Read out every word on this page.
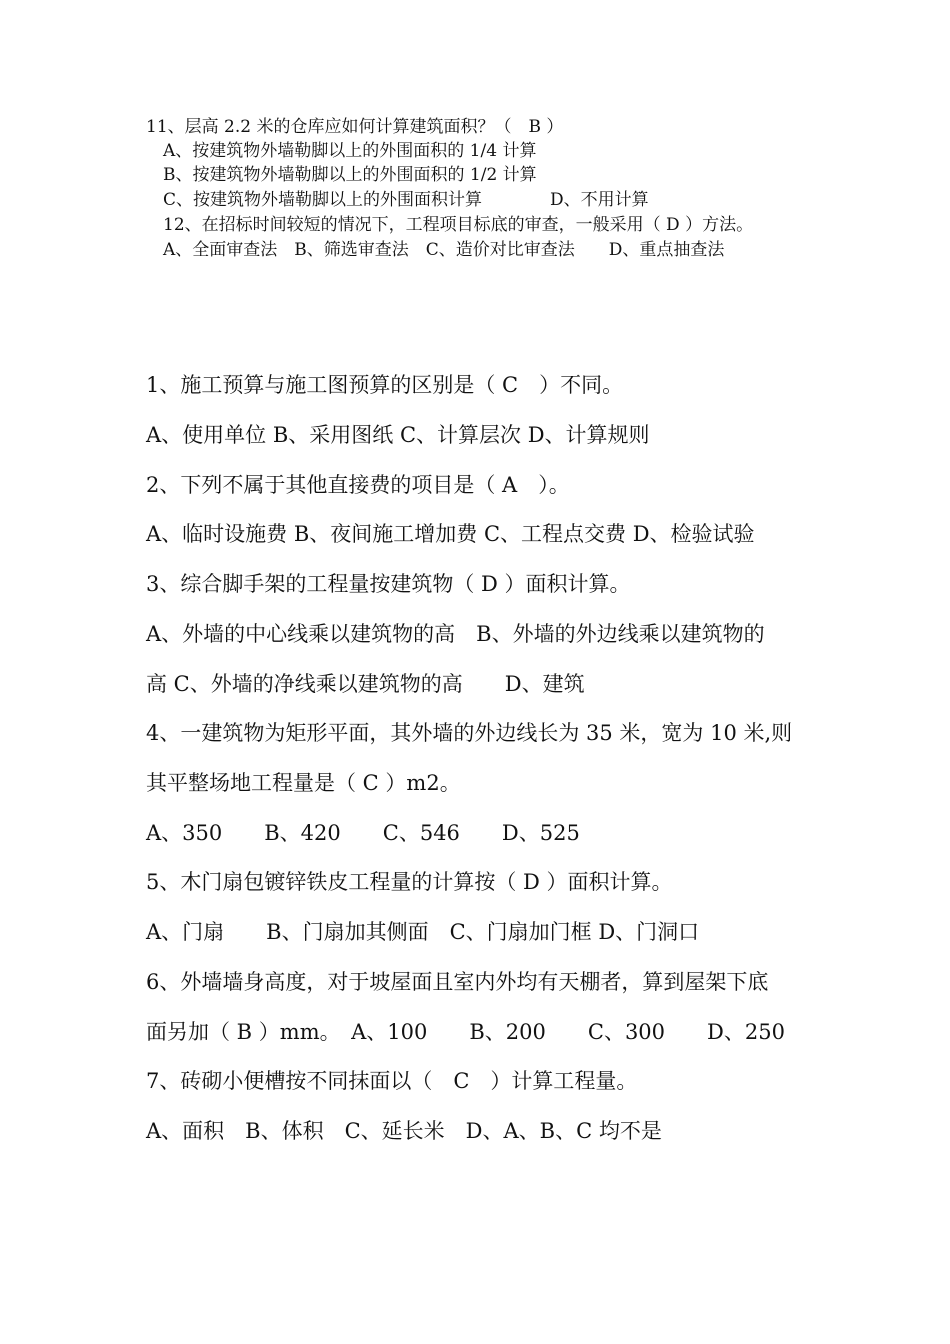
11、层高 2.2 米的仓库应如何计算建筑面积？（　B ）
A、按建筑物外墙勒脚以上的外围面积的 1/4 计算
B、按建筑物外墙勒脚以上的外围面积的 1/2 计算
C、按建筑物外墙勒脚以上的外围面积计算　　　　D、不用计算
12、在招标时间较短的情况下，工程项目标底的审查，一般采用（ D ）方法。
A、全面审查法　B、筛选审查法　C、造价对比审查法　　D、重点抽查法
1、施工预算与施工图预算的区别是（ C　）不同。
A、使用单位 B、采用图纸 C、计算层次 D、计算规则
2、下列不属于其他直接费的项目是（ A　）。
A、临时设施费 B、夜间施工增加费 C、工程点交费 D、检验试验
3、综合脚手架的工程量按建筑物（ D ）面积计算。
A、外墙的中心线乘以建筑物的高　B、外墙的外边线乘以建筑物的
高 C、外墙的净线乘以建筑物的高　　D、建筑
4、一建筑物为矩形平面，其外墙的外边线长为 35 米，宽为 10 米,则
其平整场地工程量是（ C ）m2。
A、350　　B、420　　C、546　　D、525
5、木门扇包镀锌铁皮工程量的计算按（ D ）面积计算。
A、门扇　　B、门扇加其侧面　C、门扇加门框 D、门洞口
6、外墙墙身高度，对于坡屋面且室内外均有天棚者，算到屋架下底
面另加（ B ）mm。　A、100　　B、200　　C、300　　D、250
7、砖砌小便槽按不同抹面以（　C　）计算工程量。
A、面积　B、体积　C、延长米　D、A、B、C 均不是
